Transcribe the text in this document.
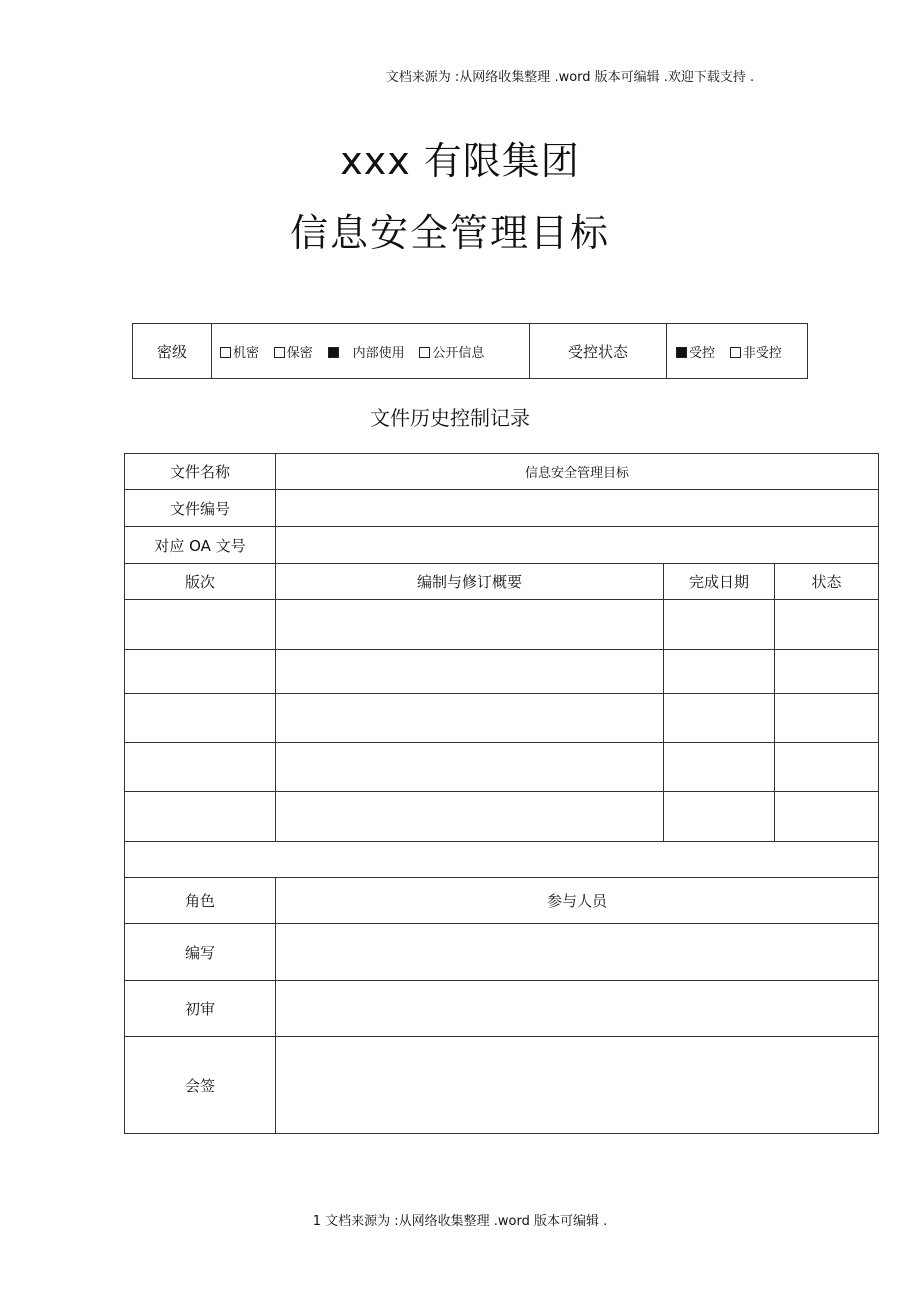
文档来源为 :从网络收集整理 .word 版本可编辑 .欢迎下载支持 .
xxx 有限集团
信息安全管理目标
密级	机密 保密	内部使用 公开信息	受控状态	受控 非受控
文件历史控制记录
文件名称	信息安全管理目标		
文件编号			
对应 OA 文号			
版次	编制与修订概要	完成日期	状态

角色	参与人员		
编写			
初审			
会签			
1 文档来源为 :从网络收集整理 .word 版本可编辑 .
